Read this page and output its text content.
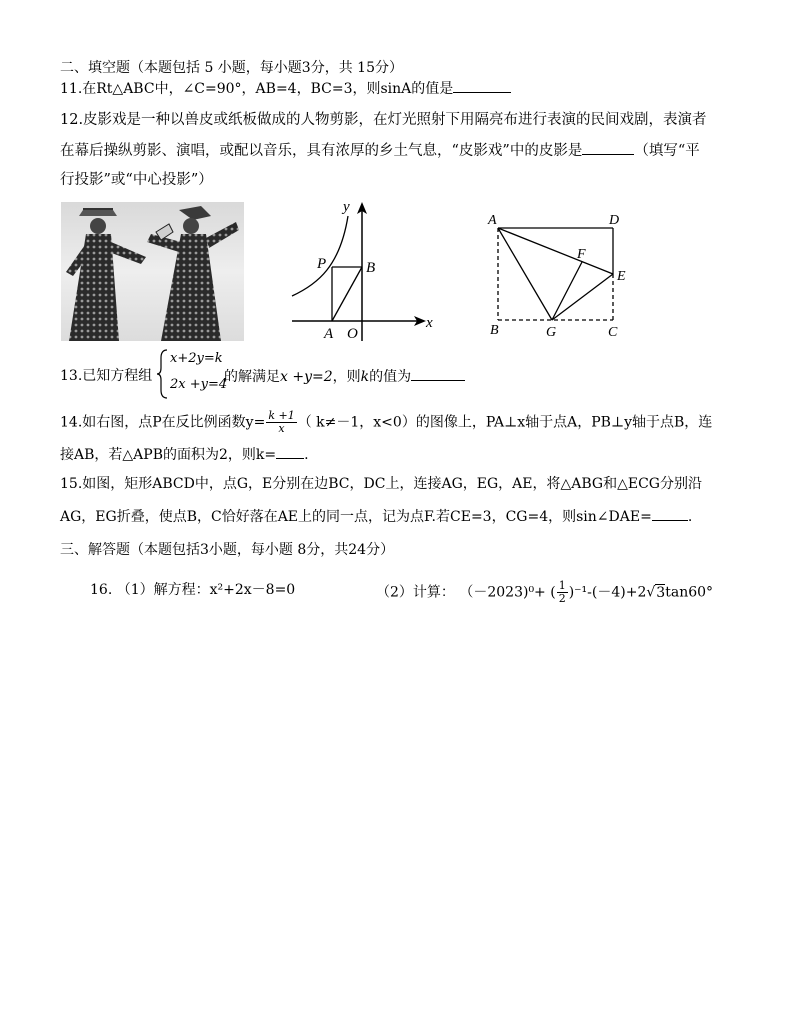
二、填空题（本题包括 5 小题，每小题3分，共 15分）
11.在Rt△ABC中，∠C=90°，AB=4，BC=3，则sinA的值是
12.皮影戏是一种以兽皮或纸板做成的人物剪影，在灯光照射下用隔亮布进行表演的民间戏剧，表演者
在幕后操纵剪影、演唱，或配以音乐，具有浓厚的乡土气息，“皮影戏”中的皮影是	（填写“平
行投影”或“中心投影”）
y
x
P	B
A O
A	D
F
E
B	G	C
13.已知方程组
x+2y=k
2x +y=4
的解满足x +y=2，则k的值为
14.如右图，点P在反比例函数$y= \frac{k +1}{x}$ （ k≠－1，x<0）的图像上，PA⊥x轴于点A，PB⊥y轴于点B，连
接AB，若△APB的面积为2，则k= .
15.如图，矩形ABCD中，点G，E分别在边BC，DC上，连接AG，EG，AE，将△ABG和△ECG分别沿
AG，EG折叠，使点B，C恰好落在AE上的同一点，记为点F.若CE=3，CG=4，则sin∠DAE=	.
三、解答题（本题包括3小题，每小题 8分，共24分）
16. （1）解方程：x²+2x－8=0	（2）计算： （－2023)⁰+ ( $\frac{1}{2} )^{-1}-(-4)+2√3\tan 60^\circ$
